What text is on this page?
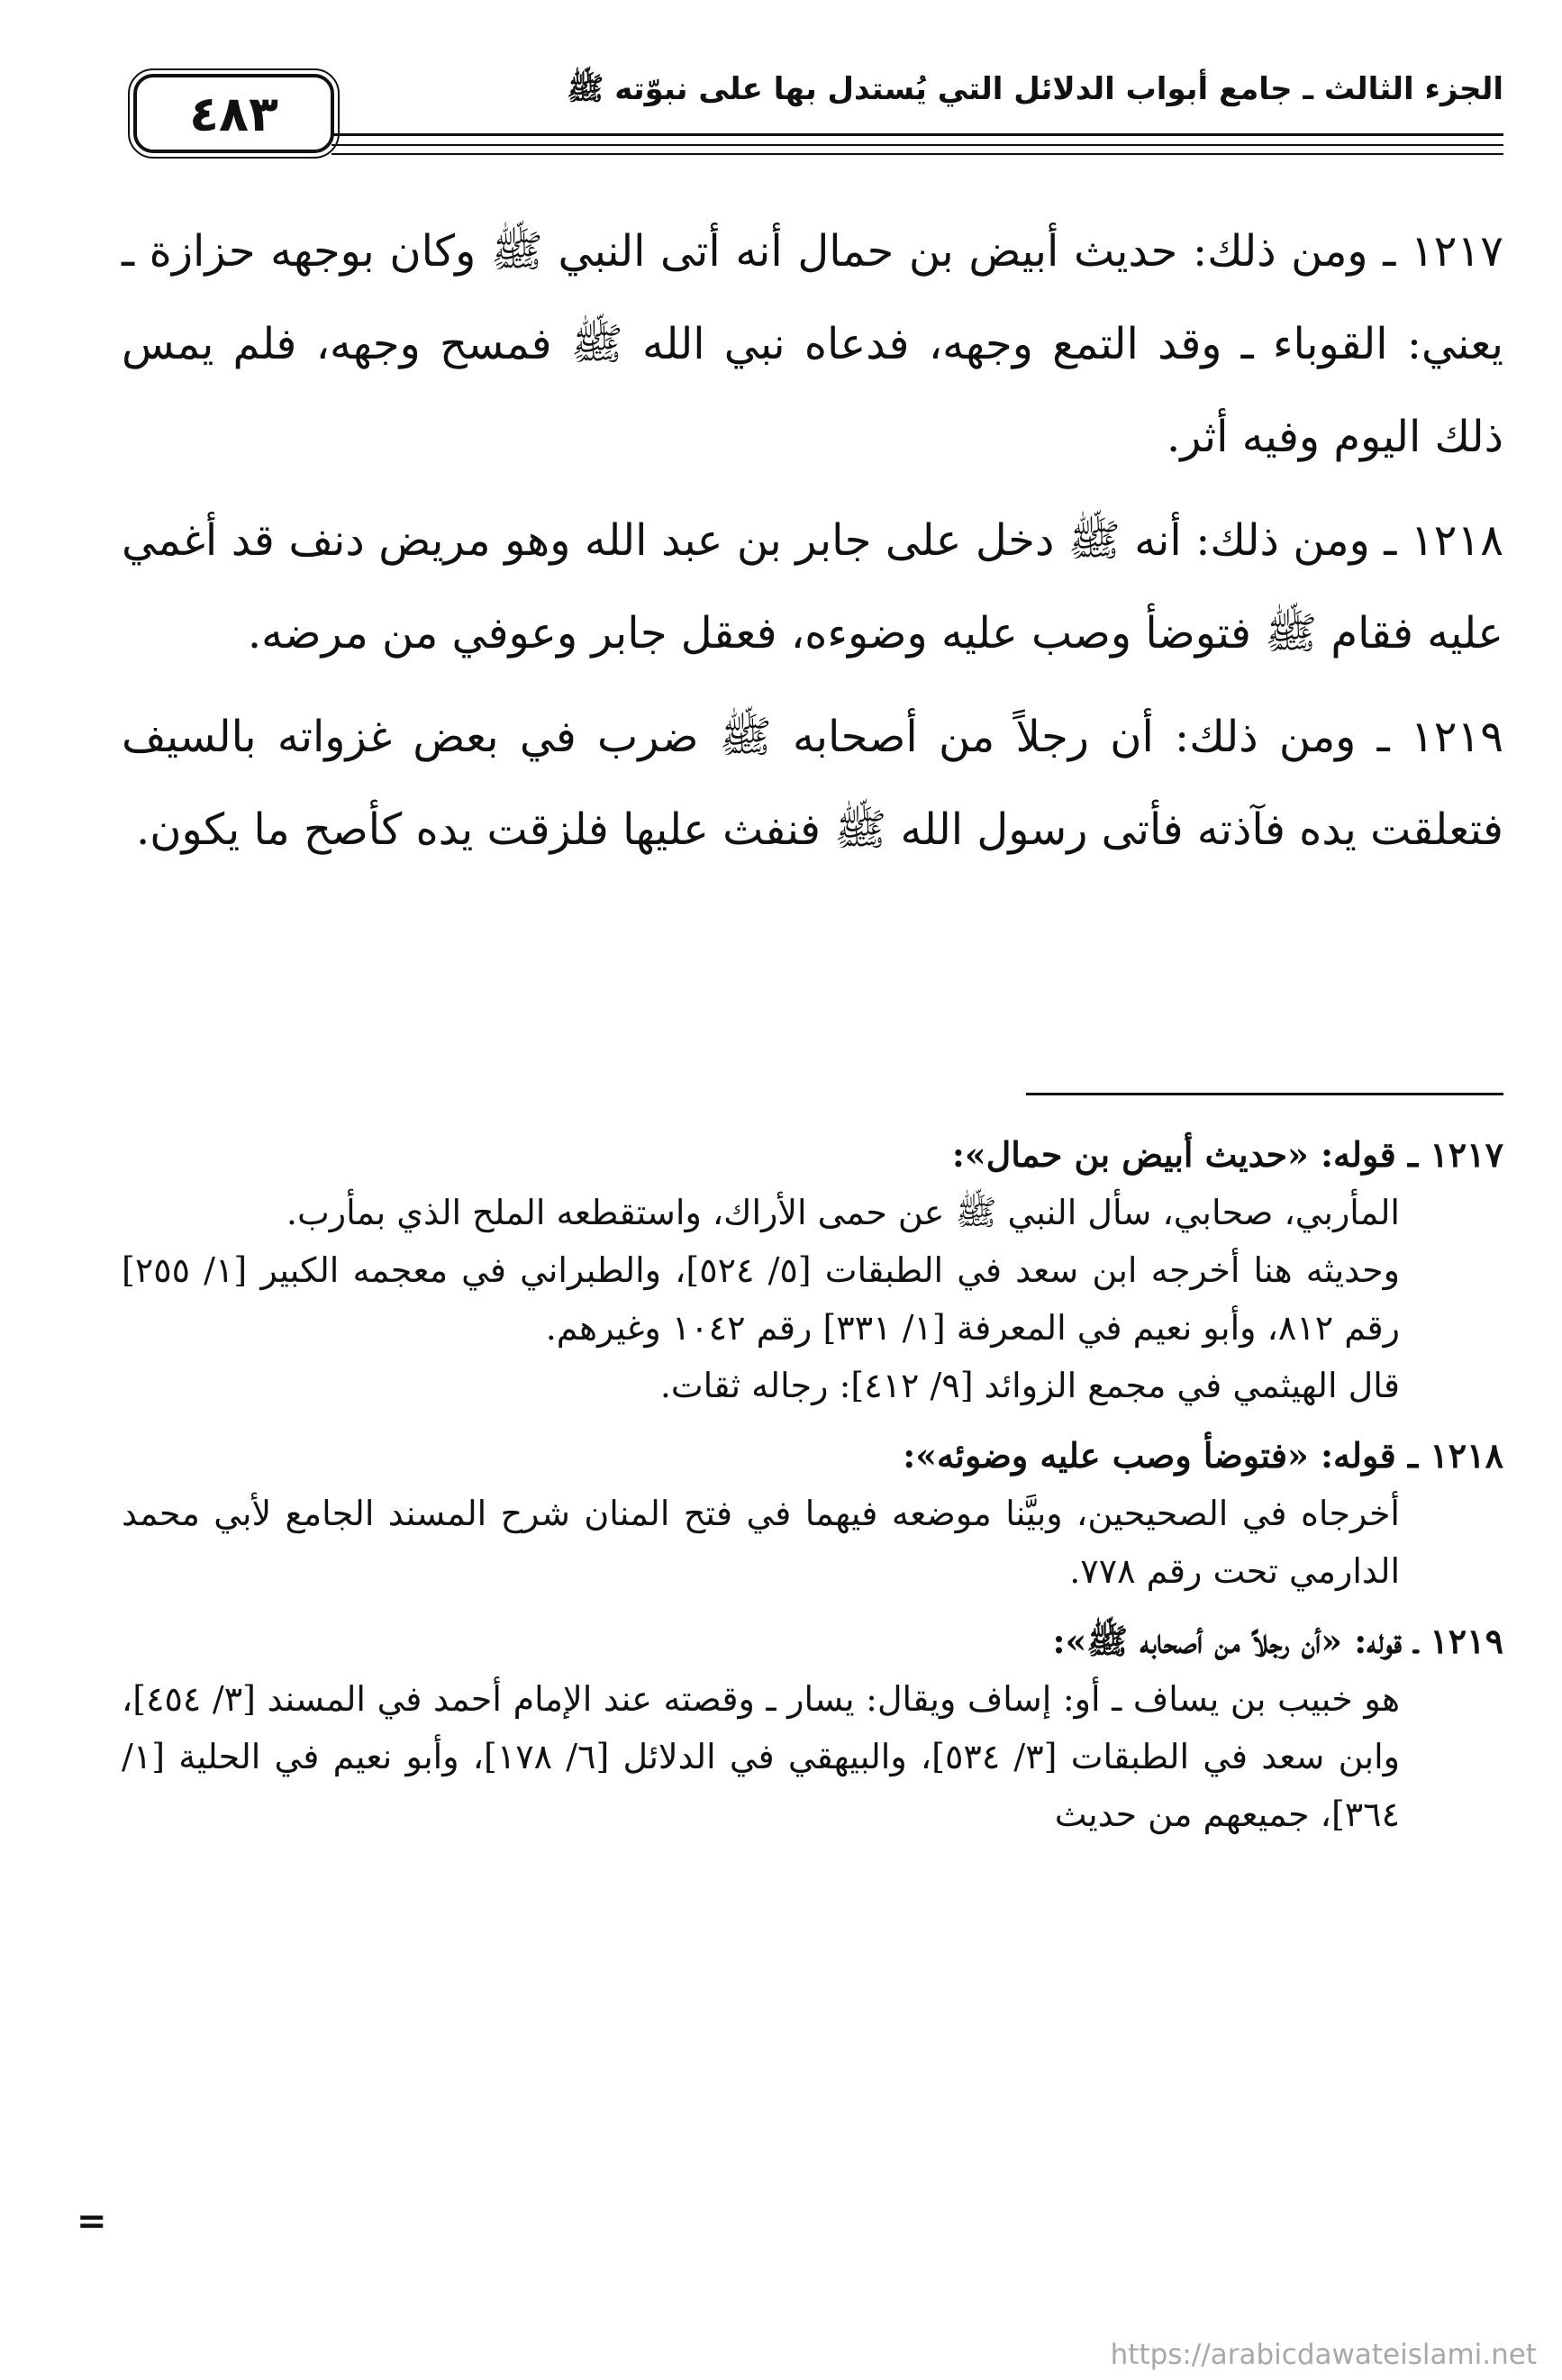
الجزء الثالث ـ جامع أبواب الدلائل التي يُستدل بها على نبوّته ﷺ
٤٨٣

١٢١٧ ـ ومن ذلك: حديث أبيض بن حمال أنه أتى النبي ﷺ وكان بوجهه حزازة ـ يعني: القوباء ـ وقد التمع وجهه، فدعاه نبي الله ﷺ فمسح وجهه، فلم يمس ذلك اليوم وفيه أثر.

١٢١٨ ـ ومن ذلك: أنه ﷺ دخل على جابر بن عبد الله وهو مريض دنف قد أغمي عليه فقام ﷺ فتوضأ وصب عليه وضوءه، فعقل جابر وعوفي من مرضه.

١٢١٩ ـ ومن ذلك: أن رجلاً من أصحابه ﷺ ضرب في بعض غزواته بالسيف فتعلقت يده فآذته فأتى رسول الله ﷺ فنفث عليها فلزقت يده كأصح ما يكون.

١٢١٧ ـ قوله: «حديث أبيض بن حمال»:
المأربي، صحابي، سأل النبي ﷺ عن حمى الأراك، واستقطعه الملح الذي بمأرب.
وحديثه هنا أخرجه ابن سعد في الطبقات [٥/ ٥٢٤]، والطبراني في معجمه الكبير [١/ ٢٥٥] رقم ٨١٢، وأبو نعيم في المعرفة [١/ ٣٣١] رقم ١٠٤٢ وغيرهم.
قال الهيثمي في مجمع الزوائد [٩/ ٤١٢]: رجاله ثقات.
١٢١٨ ـ قوله: «فتوضأ وصب عليه وضوئه»:
أخرجاه في الصحيحين، وبيَّنا موضعه فيهما في فتح المنان شرح المسند الجامع لأبي محمد الدارمي تحت رقم ٧٧٨.
١٢١٩ ـ قوله: «أن رجلاً من أصحابه ﷺ»:
هو خبيب بن يساف ـ أو: إساف ويقال: يسار ـ وقصته عند الإمام أحمد في المسند [٣/ ٤٥٤]، وابن سعد في الطبقات [٣/ ٥٣٤]، والبيهقي في الدلائل [٦/ ١٧٨]، وأبو نعيم في الحلية [١/ ٣٦٤]، جميعهم من حديث
=
https://arabicdawateislami.net
